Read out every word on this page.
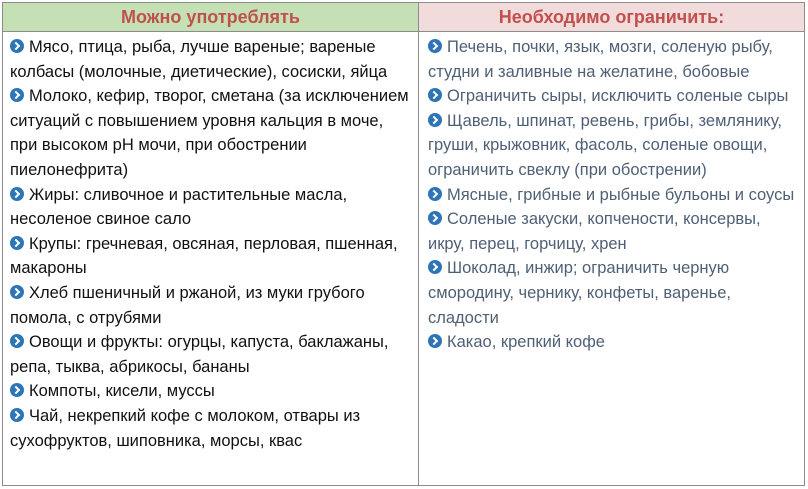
Можно употреблять	Необходимо ограничить:

Мясо, птица, рыба, лучше вареные; вареные колбасы (молочные, диетические), сосиски, яйца

Молоко, кефир, творог, сметана (за исключением ситуаций с повышением уровня кальция в моче, при высоком рН мочи, при обострении пиелонефрита)

Жиры: сливочное и растительные масла, несоленое свиное сало

Крупы: гречневая, овсяная, перловая, пшенная, макароны

Хлеб пшеничный и ржаной, из муки грубого помола, с отрубями

Овощи и фрукты: огурцы, капуста, баклажаны, репа, тыква, абрикосы, бананы

Компоты, кисели, муссы

Чай, некрепкий кофе с молоком, отвары из сухофруктов, шиповника, морсы, квас

Печень, почки, язык, мозги, соленую рыбу, студни и заливные на желатине, бобовые

Ограничить сыры, исключить соленые сыры

Щавель, шпинат, ревень, грибы, землянику, груши, крыжовник, фасоль, соленые овощи, ограничить свеклу (при обострении)

Мясные, грибные и рыбные бульоны и соусы

Соленые закуски, копчености, консервы, икру, перец, горчицу, хрен

Шоколад, инжир; ограничить черную смородину, чернику, конфеты, варенье, сладости

Какао, крепкий кофе
